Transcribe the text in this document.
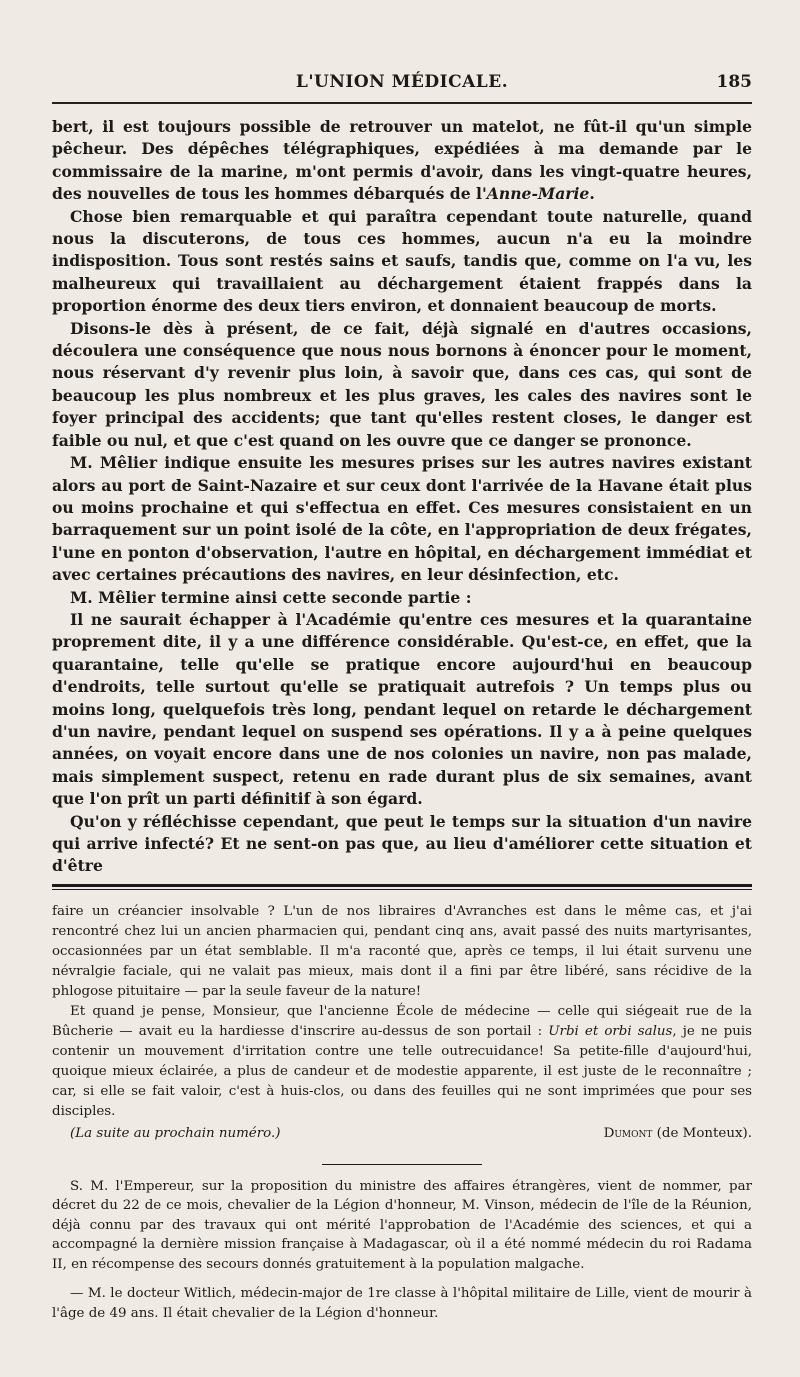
L'UNION MÉDICALE.	185

bert, il est toujours possible de retrouver un matelot, ne fût-il qu'un simple pêcheur. Des dépêches télégraphiques, expédiées à ma demande par le commissaire de la marine, m'ont permis d'avoir, dans les vingt-quatre heures, des nouvelles de tous les hommes débarqués de l'Anne-Marie.

Chose bien remarquable et qui paraîtra cependant toute naturelle, quand nous la discuterons, de tous ces hommes, aucun n'a eu la moindre indisposition. Tous sont restés sains et saufs, tandis que, comme on l'a vu, les malheureux qui travaillaient au déchargement étaient frappés dans la proportion énorme des deux tiers environ, et donnaient beaucoup de morts.

Disons-le dès à présent, de ce fait, déjà signalé en d'autres occasions, découlera une conséquence que nous nous bornons à énoncer pour le moment, nous réservant d'y revenir plus loin, à savoir que, dans ces cas, qui sont de beaucoup les plus nombreux et les plus graves, les cales des navires sont le foyer principal des accidents; que tant qu'elles restent closes, le danger est faible ou nul, et que c'est quand on les ouvre que ce danger se prononce.

M. Mêlier indique ensuite les mesures prises sur les autres navires existant alors au port de Saint-Nazaire et sur ceux dont l'arrivée de la Havane était plus ou moins prochaine et qui s'effectua en effet. Ces mesures consistaient en un barraquement sur un point isolé de la côte, en l'appropriation de deux frégates, l'une en ponton d'observation, l'autre en hôpital, en déchargement immédiat et avec certaines précautions des navires, en leur désinfection, etc.

M. Mêlier termine ainsi cette seconde partie :

Il ne saurait échapper à l'Académie qu'entre ces mesures et la quarantaine proprement dite, il y a une différence considérable. Qu'est-ce, en effet, que la quarantaine, telle qu'elle se pratique encore aujourd'hui en beaucoup d'endroits, telle surtout qu'elle se pratiquait autrefois ? Un temps plus ou moins long, quelquefois très long, pendant lequel on retarde le déchargement d'un navire, pendant lequel on suspend ses opérations. Il y a à peine quelques années, on voyait encore dans une de nos colonies un navire, non pas malade, mais simplement suspect, retenu en rade durant plus de six semaines, avant que l'on prît un parti définitif à son égard.

Qu'on y réfléchisse cependant, que peut le temps sur la situation d'un navire qui arrive infecté? Et ne sent-on pas que, au lieu d'améliorer cette situation et d'être

faire un créancier insolvable ? L'un de nos libraires d'Avranches est dans le même cas, et j'ai rencontré chez lui un ancien pharmacien qui, pendant cinq ans, avait passé des nuits martyrisantes, occasionnées par un état semblable. Il m'a raconté que, après ce temps, il lui était survenu une névralgie faciale, qui ne valait pas mieux, mais dont il a fini par être libéré, sans récidive de la phlogose pituitaire — par la seule faveur de la nature!

Et quand je pense, Monsieur, que l'ancienne École de médecine — celle qui siégeait rue de la Bûcherie — avait eu la hardiesse d'inscrire au-dessus de son portail : Urbi et orbi salus, je ne puis contenir un mouvement d'irritation contre une telle outrecuidance! Sa petite-fille d'aujourd'hui, quoique mieux éclairée, a plus de candeur et de modestie apparente, il est juste de le reconnaître ; car, si elle se fait valoir, c'est à huis-clos, ou dans des feuilles qui ne sont imprimées que pour ses disciples.

(La suite au prochain numéro.)	Dumont (de Monteux).

S. M. l'Empereur, sur la proposition du ministre des affaires étrangères, vient de nommer, par décret du 22 de ce mois, chevalier de la Légion d'honneur, M. Vinson, médecin de l'île de la Réunion, déjà connu par des travaux qui ont mérité l'approbation de l'Académie des sciences, et qui a accompagné la dernière mission française à Madagascar, où il a été nommé médecin du roi Radama II, en récompense des secours donnés gratuitement à la population malgache.

— M. le docteur Witlich, médecin-major de 1re classe à l'hôpital militaire de Lille, vient de mourir à l'âge de 49 ans. Il était chevalier de la Légion d'honneur.
